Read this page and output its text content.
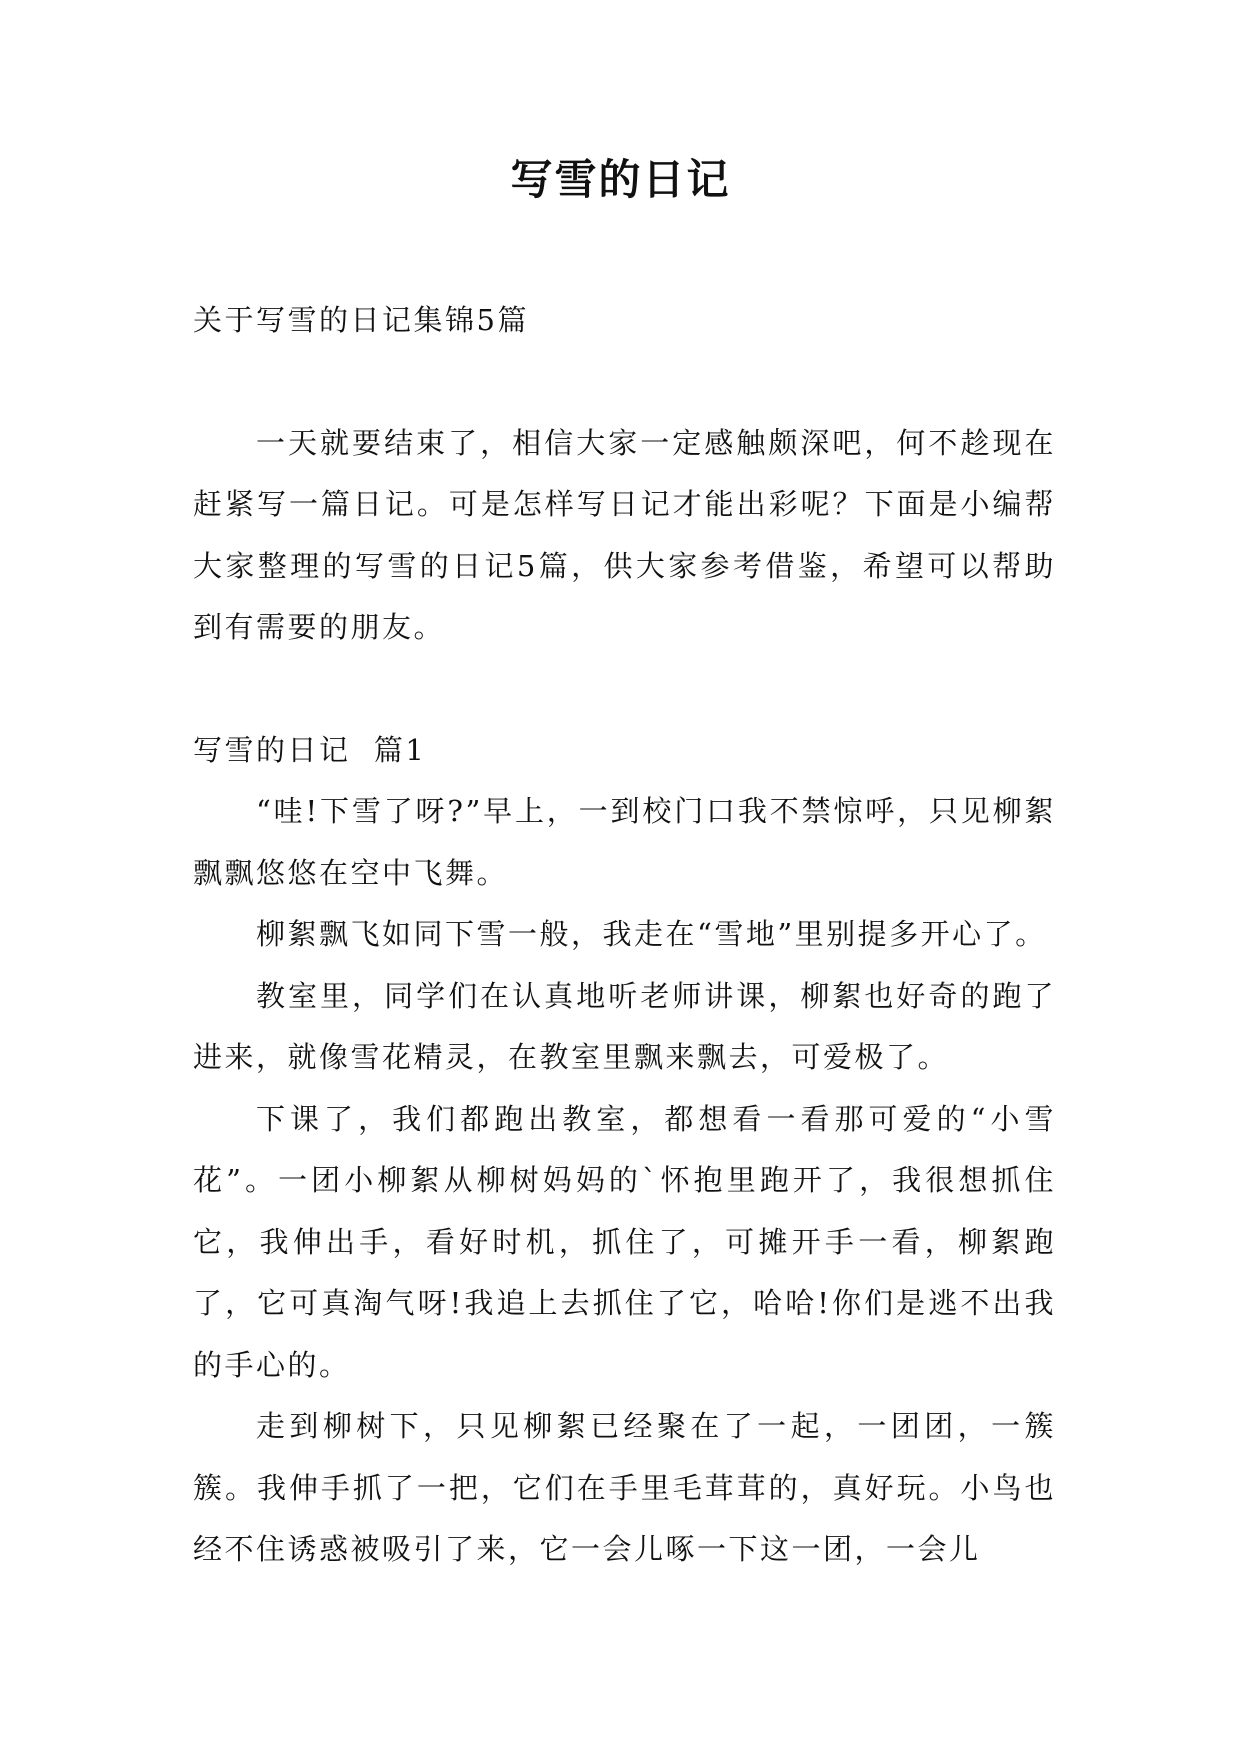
写雪的日记

关于写雪的日记集锦5篇

一天就要结束了，相信大家一定感触颇深吧，何不趁现在赶紧写一篇日记。可是怎样写日记才能出彩呢？下面是小编帮大家整理的写雪的日记5篇，供大家参考借鉴，希望可以帮助到有需要的朋友。

写雪的日记  篇1

“哇!下雪了呀?”早上，一到校门口我不禁惊呼，只见柳絮飘飘悠悠在空中飞舞。

柳絮飘飞如同下雪一般，我走在“雪地”里别提多开心了。

教室里，同学们在认真地听老师讲课，柳絮也好奇的跑了进来，就像雪花精灵，在教室里飘来飘去，可爱极了。

下课了，我们都跑出教室，都想看一看那可爱的“小雪花”。一团小柳絮从柳树妈妈的`怀抱里跑开了，我很想抓住它，我伸出手，看好时机，抓住了，可摊开手一看，柳絮跑了，它可真淘气呀!我追上去抓住了它，哈哈!你们是逃不出我的手心的。

走到柳树下，只见柳絮已经聚在了一起，一团团，一簇簇。我伸手抓了一把，它们在手里毛茸茸的，真好玩。小鸟也经不住诱惑被吸引了来，它一会儿啄一下这一团，一会儿
